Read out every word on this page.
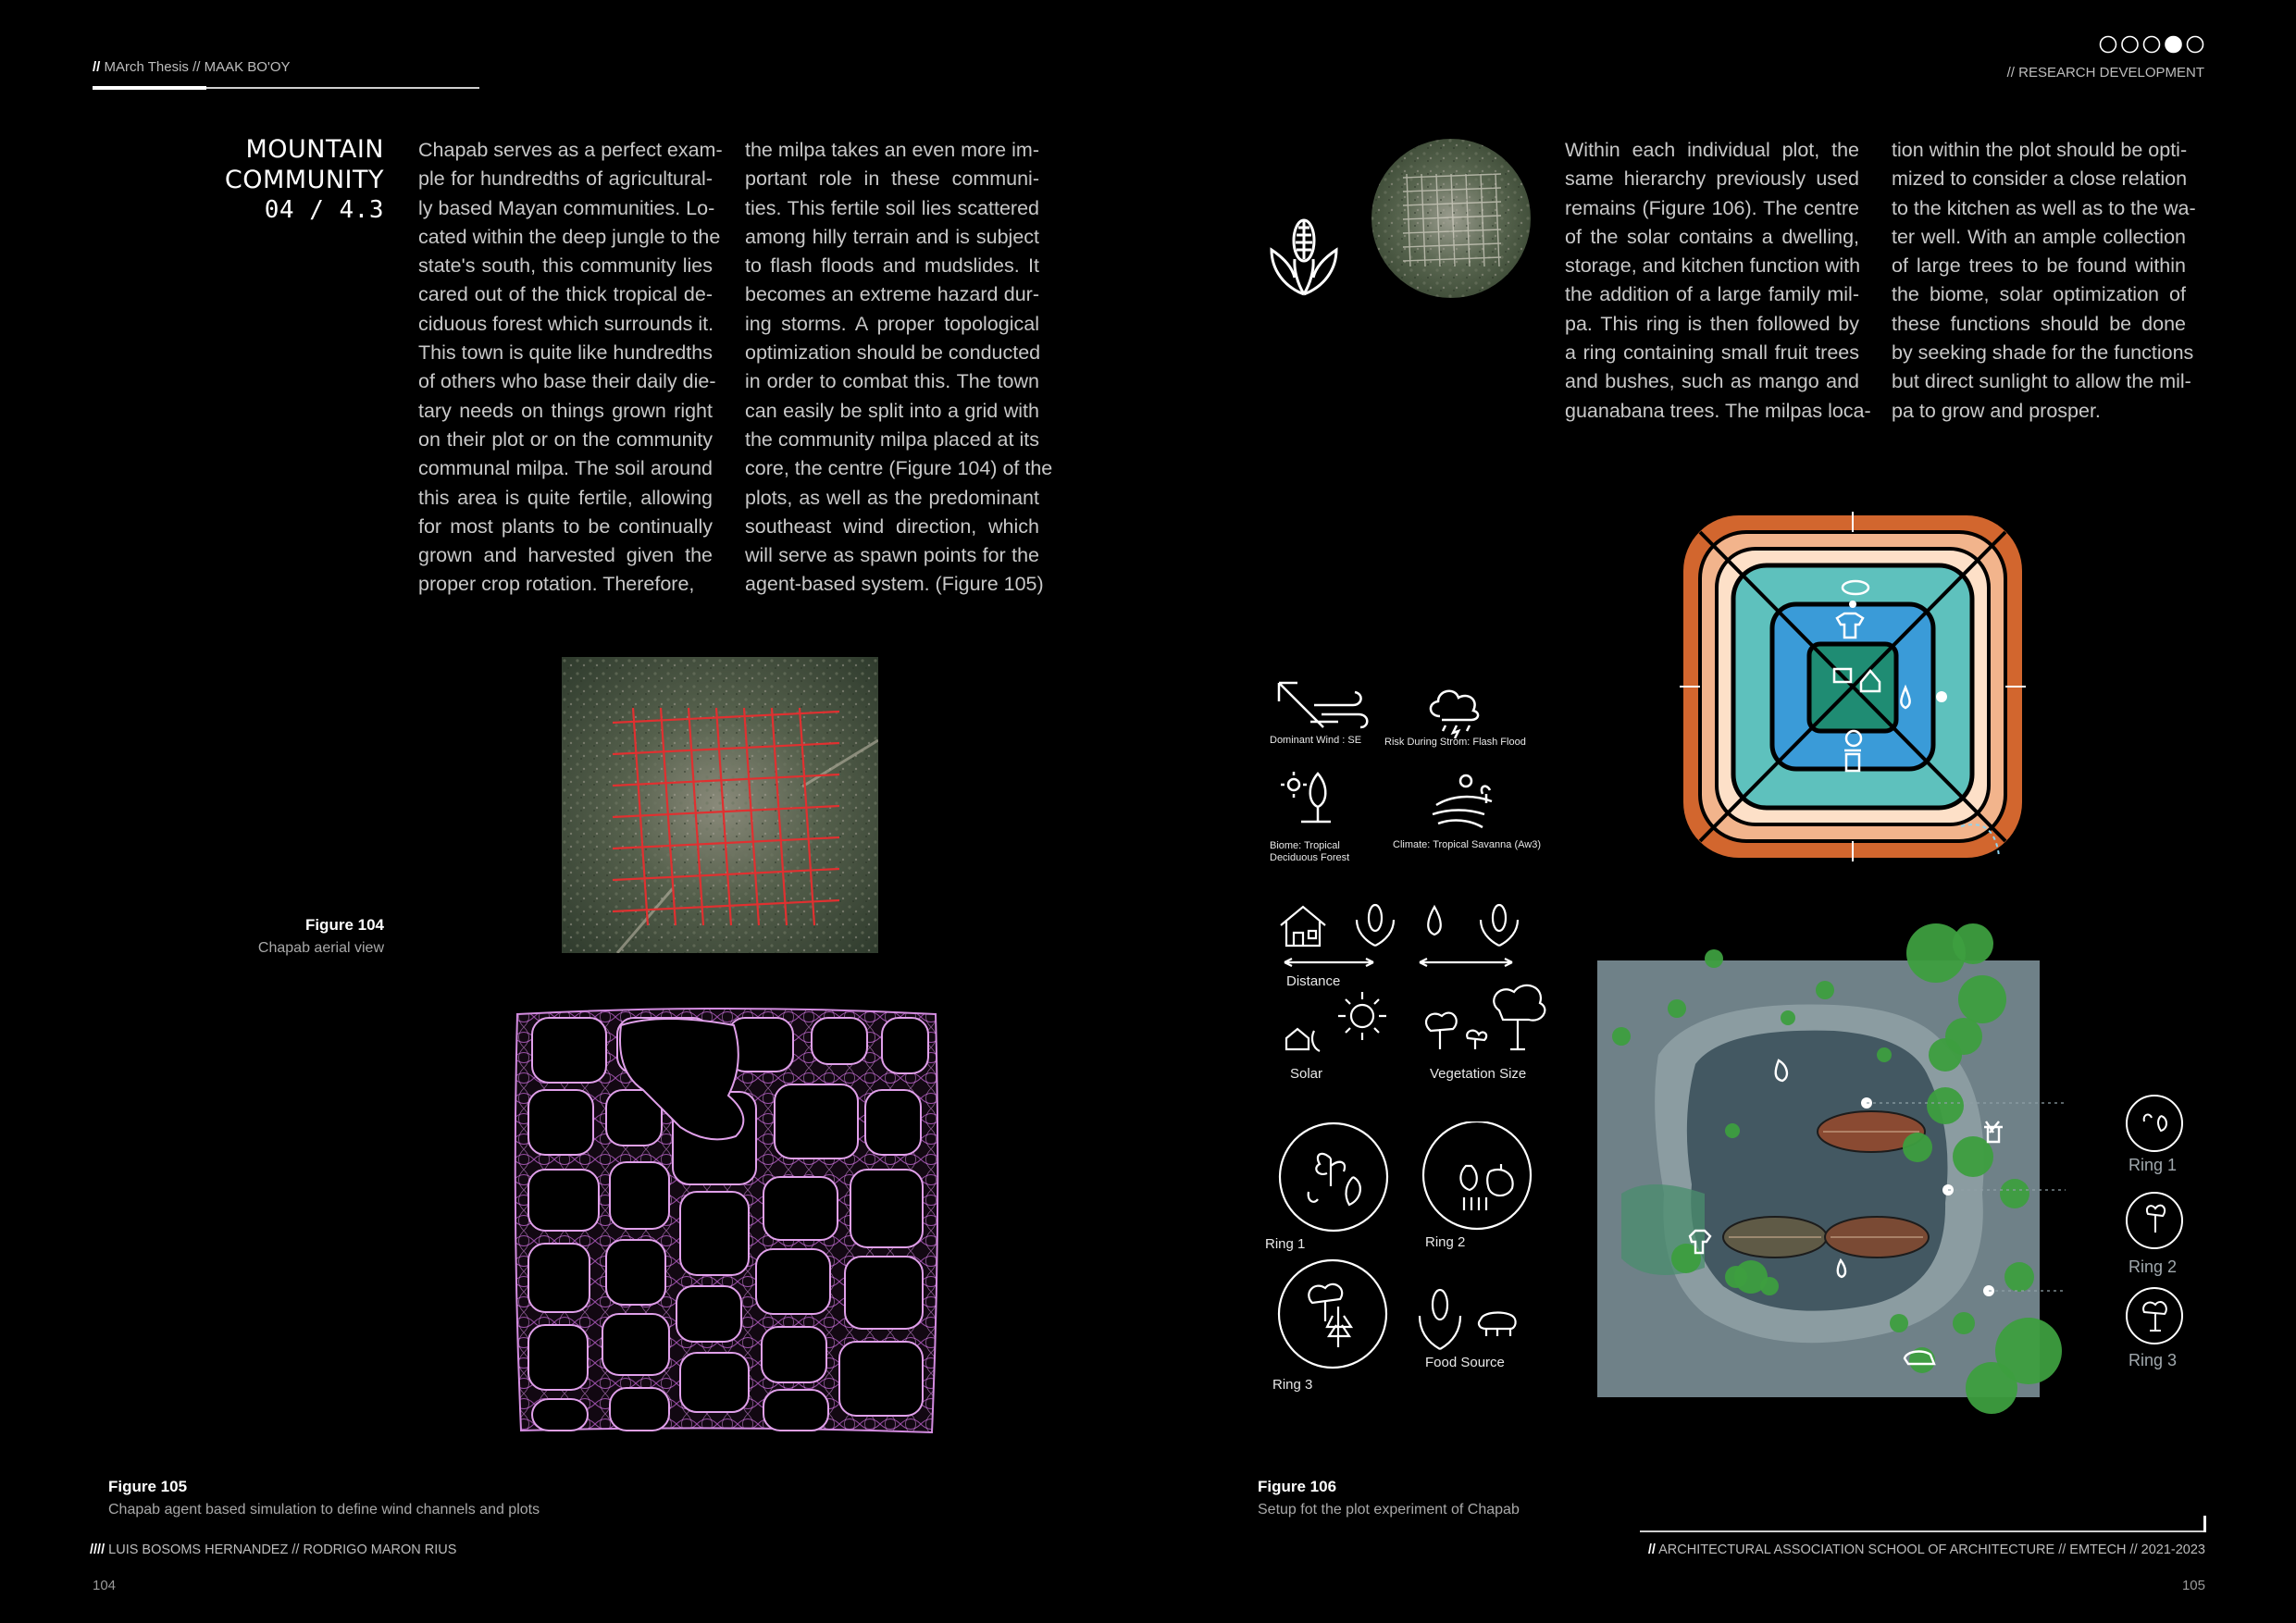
// MArch Thesis // MAAK BO'OY
MOUNTAIN COMMUNITY
04 / 4.3
Chapab serves as a perfect exam-
ple for hundredths of agricultural-
ly based Mayan communities. Lo-
cated within the deep jungle to the
state's south, this community lies
cared out of the thick tropical de-
ciduous forest which surrounds it.
This town is quite like hundredths
of others who base their daily die-
tary needs on things grown right
on their plot or on the community
communal milpa. The soil around
this area is quite fertile, allowing
for most plants to be continually
grown and harvested given the
proper crop rotation. Therefore,
the milpa takes an even more im-
portant role in these communi-
ties. This fertile soil lies scattered
among hilly terrain and is subject
to flash floods and mudslides. It
becomes an extreme hazard dur-
ing storms. A proper topological
optimization should be conducted
in order to combat this. The town
can easily be split into a grid with
the community milpa placed at its
core, the centre (Figure 104) of the
plots, as well as the predominant
southeast wind direction, which
will serve as spawn points for the
agent-based system. (Figure 105)
Figure 104
Chapab aerial view
Figure 105
Chapab agent based simulation to define wind channels and plots
//// LUIS BOSOMS HERNANDEZ // RODRIGO MARON RIUS
104
// RESEARCH DEVELOPMENT
Within each individual plot, the
same hierarchy previously used
remains (Figure 106). The centre
of the solar contains a dwelling,
storage, and kitchen function with
the addition of a large family mil-
pa. This ring is then followed by
a ring containing small fruit trees
and bushes, such as mango and
guanabana trees. The milpas loca-
tion within the plot should be opti-
mized to consider a close relation
to the kitchen as well as to the wa-
ter well. With an ample collection
of large trees to be found within
the biome, solar optimization of
these functions should be done
by seeking shade for the functions
but direct sunlight to allow the mil-
pa to grow and prosper.
Dominant Wind : SE Risk During Strom: Flash Flood
Biome: Tropical
Deciduous Forest
Climate: Tropical Savanna (Aw3)
Distance
Solar	Vegetation Size
Ring 1	Ring 2
Ring 3
Food Source
Ring 1
Ring 2
Ring 3
Figure 106
Setup fot the plot experiment of Chapab
// ARCHITECTURAL ASSOCIATION SCHOOL OF ARCHITECTURE // EMTECH // 2021-2023
105
